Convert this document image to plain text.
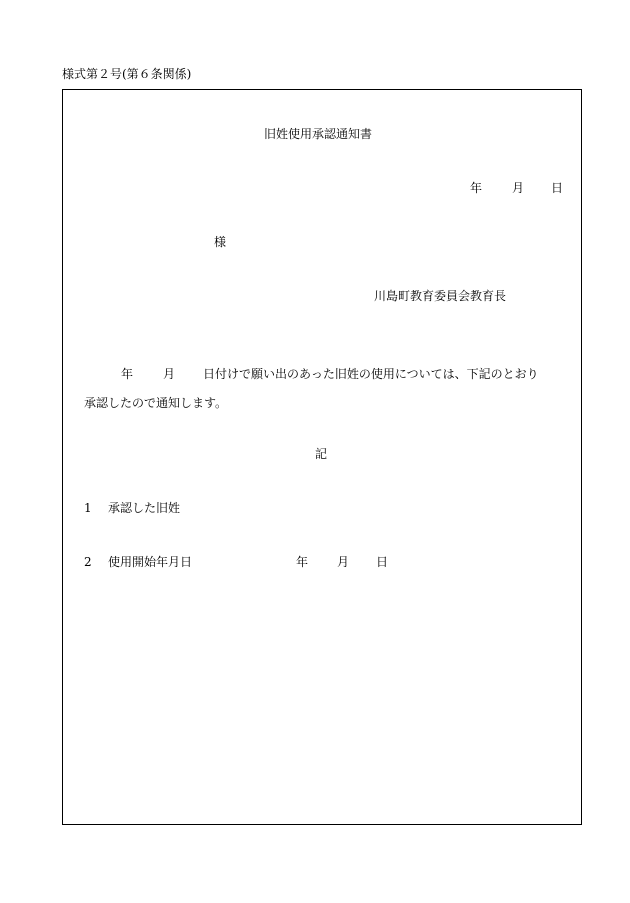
様式第２号(第６条関係)
旧姓使用承認通知書
年 月 日
様
川島町教育委員会教育長
年 月 日付けで願い出のあった旧姓の使用については、下記のとおり
承認したので通知します。
記
1 承認した旧姓
2 使用開始年月日	年 月 日
